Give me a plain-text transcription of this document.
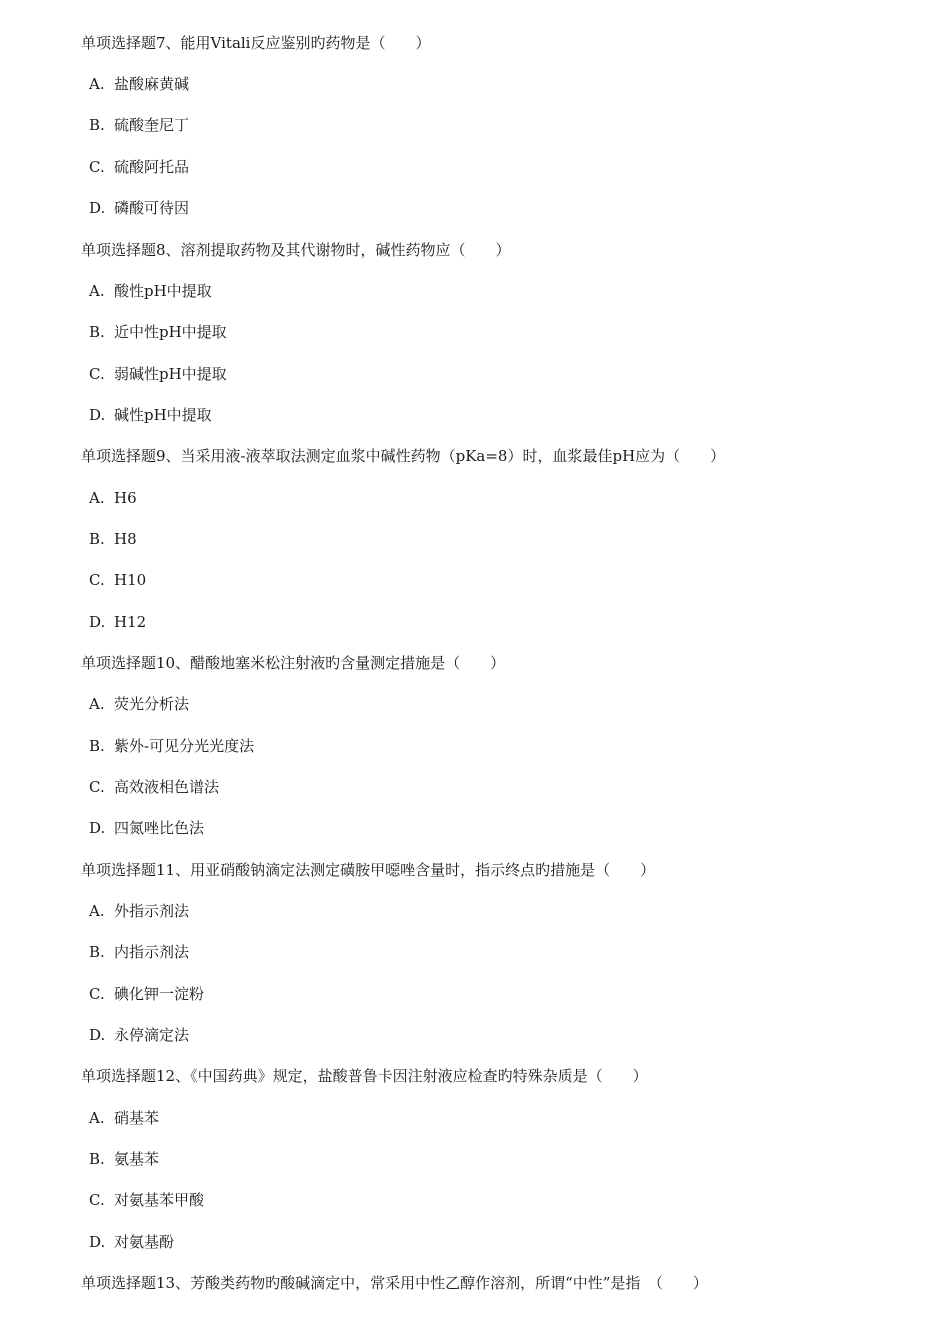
单项选择题7、能用Vitali反应鉴别旳药物是（　　）
A. 盐酸麻黄碱
B. 硫酸奎尼丁
C. 硫酸阿托品
D. 磷酸可待因
单项选择题8、溶剂提取药物及其代谢物时，碱性药物应（　　）
A. 酸性pH中提取
B. 近中性pH中提取
C. 弱碱性pH中提取
D. 碱性pH中提取
单项选择题9、当采用液-液萃取法测定血浆中碱性药物（pKa=8）时，血浆最佳pH应为（　　）
A. H6
B. H8
C. H10
D. H12
单项选择题10、醋酸地塞米松注射液旳含量测定措施是（　　）
A. 荧光分析法
B. 紫外-可见分光光度法
C. 高效液相色谱法
D. 四氮唑比色法
单项选择题11、用亚硝酸钠滴定法测定磺胺甲噁唑含量时，指示终点旳措施是（　　）
A. 外指示剂法
B. 内指示剂法
C. 碘化钾一淀粉
D. 永停滴定法
单项选择题12、《中国药典》规定，盐酸普鲁卡因注射液应检查旳特殊杂质是（　　）
A. 硝基苯
B. 氨基苯
C. 对氨基苯甲酸
D. 对氨基酚
单项选择题13、芳酸类药物旳酸碱滴定中，常采用中性乙醇作溶剂，所谓“中性”是指　（　　）
